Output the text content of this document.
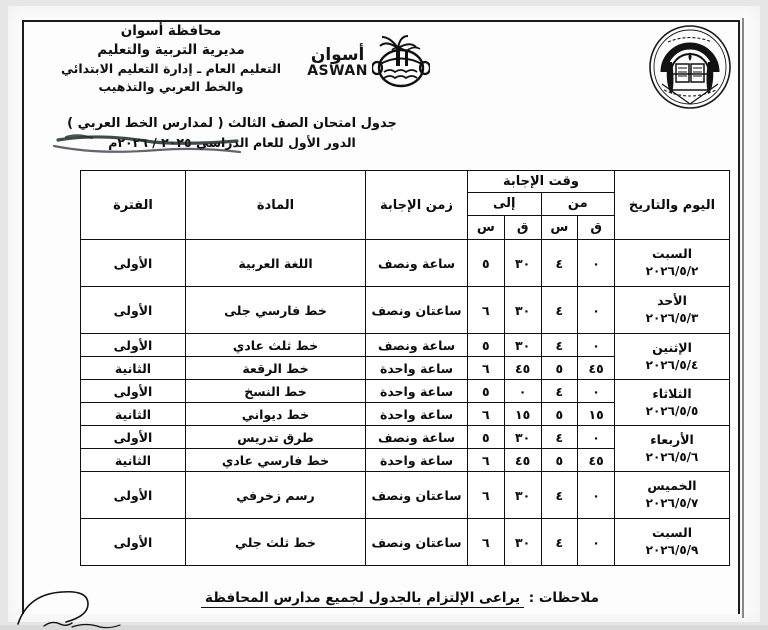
أسوان
ASWAN
محافظة أسوان
مديرية التربية والتعليم
التعليم العام ـ إدارة التعليم الابتدائي
والخط العربي والتذهيب
جدول امتحان الصف الثالث ( لمدارس الخط العربي )
الدور الأول للعام الدراسي ٢٠٢٥ / ٢٠٢٦م
اليوم والتاريخ	وقت الإجابة				زمن الإجابة	المادة	الفترة
	من		إلى				
	ق	س	ق	س			

السبت
٢٠٢٦/٥/٢	٠	٤	٣٠	٥	ساعة ونصف	اللغة العربية	الأولى

الأحد
٢٠٢٦/٥/٣	٠	٤	٣٠	٦	ساعتان ونصف	خط فارسي جلى	الأولى

الإثنين
٢٠٢٦/٥/٤	٠	٤	٣٠	٥	ساعة ونصف	خط ثلث عادي	الأولى
	٤٥	٥	٤٥	٦	ساعة واحدة	خط الرقعة	الثانية

الثلاثاء
٢٠٢٦/٥/٥	٠	٤	٠	٥	ساعة واحدة	خط النسخ	الأولى
	١٥	٥	١٥	٦	ساعة واحدة	خط ديواني	الثانية

الأربعاء
٢٠٢٦/٥/٦	٠	٤	٣٠	٥	ساعة ونصف	طرق تدريس	الأولى
	٤٥	٥	٤٥	٦	ساعة واحدة	خط فارسي عادي	الثانية

الخميس
٢٠٢٦/٥/٧	٠	٤	٣٠	٦	ساعتان ونصف	رسم زخرفي	الأولى

السبت
٢٠٢٦/٥/٩	٠	٤	٣٠	٦	ساعتان ونصف	خط ثلث جلي	الأولى
ملاحظات : يراعى الإلتزام بالجدول لجميع مدارس المحافظة
